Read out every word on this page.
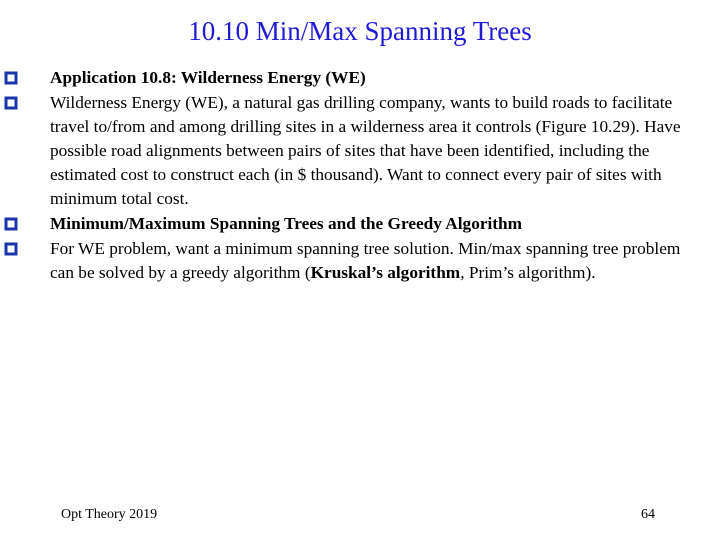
10.10 Min/Max Spanning Trees
Application 10.8: Wilderness Energy (WE)
Wilderness Energy (WE), a natural gas drilling company, wants to build roads to facilitate travel to/from and among drilling sites in a wilderness area it controls (Figure 10.29). Have possible road alignments between pairs of sites that have been identified, including the estimated cost to construct each (in $ thousand). Want to connect every pair of sites with minimum total cost.
Minimum/Maximum Spanning Trees and the Greedy Algorithm
For WE problem, want a minimum spanning tree solution. Min/max spanning tree problem can be solved by a greedy algorithm (Kruskal’s algorithm, Prim’s algorithm).
Opt Theory 2019	64
